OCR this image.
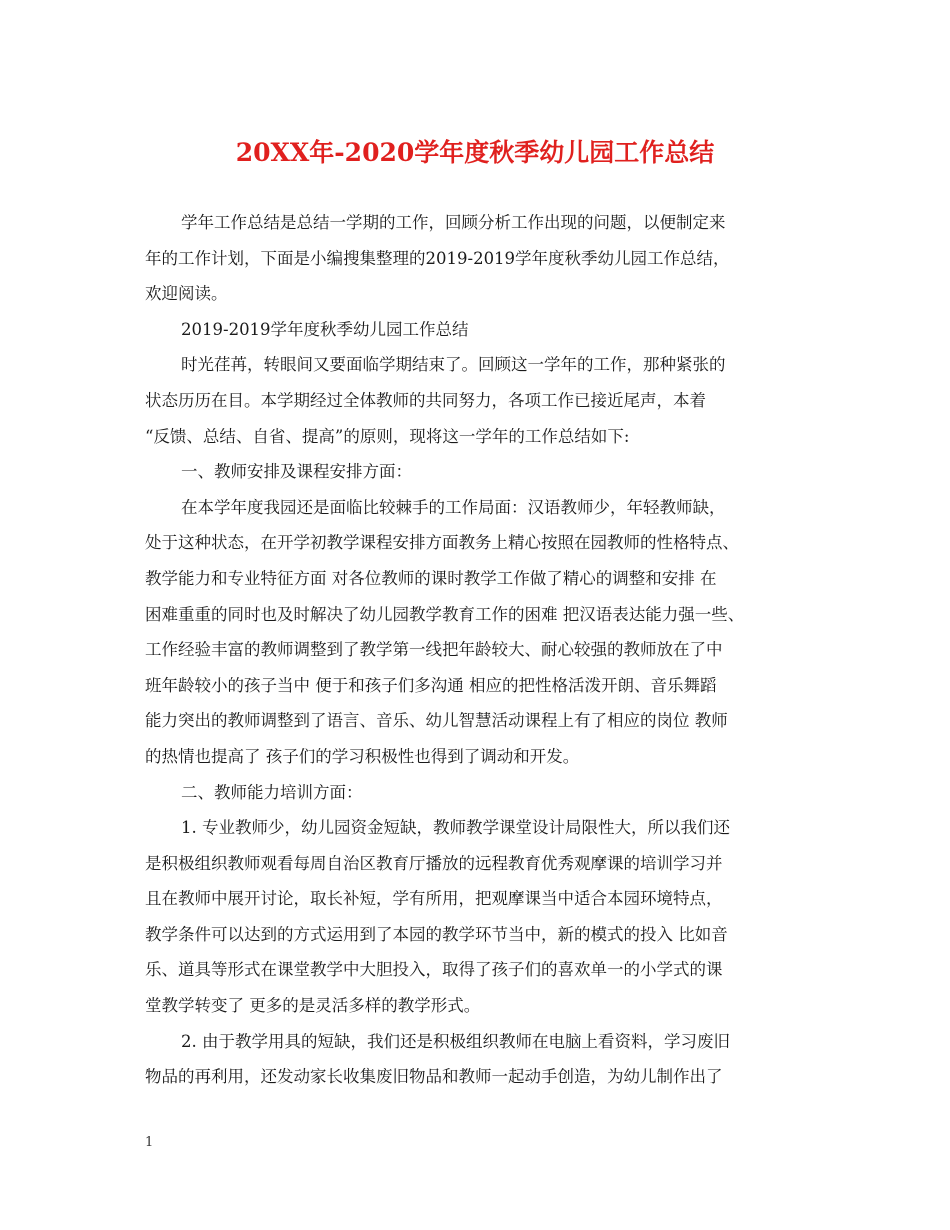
20XX年-2020学年度秋季幼儿园工作总结
学年工作总结是总结一学期的工作，回顾分析工作出现的问题，以便制定来
年的工作计划，下面是小编搜集整理的2019-2019学年度秋季幼儿园工作总结，
欢迎阅读。
2019-2019学年度秋季幼儿园工作总结
时光荏苒，转眼间又要面临学期结束了。回顾这一学年的工作，那种紧张的
状态历历在目。本学期经过全体教师的共同努力，各项工作已接近尾声，本着
“反馈、总结、自省、提高”的原则，现将这一学年的工作总结如下:
一、教师安排及课程安排方面：
在本学年度我园还是面临比较棘手的工作局面：汉语教师少，年轻教师缺，
处于这种状态，在开学初教学课程安排方面教务上精心按照在园教师的性格特点、
教学能力和专业特征方面 对各位教师的课时教学工作做了精心的调整和安排 在
困难重重的同时也及时解决了幼儿园教学教育工作的困难 把汉语表达能力强一些、
工作经验丰富的教师调整到了教学第一线把年龄较大、耐心较强的教师放在了中
班年龄较小的孩子当中 便于和孩子们多沟通 相应的把性格活泼开朗、音乐舞蹈
能力突出的教师调整到了语言、音乐、幼儿智慧活动课程上有了相应的岗位 教师
的热情也提高了 孩子们的学习积极性也得到了调动和开发。
二、教师能力培训方面：
1. 专业教师少，幼儿园资金短缺，教师教学课堂设计局限性大，所以我们还
是积极组织教师观看每周自治区教育厅播放的远程教育优秀观摩课的培训学习并
且在教师中展开讨论，取长补短，学有所用，把观摩课当中适合本园环境特点，
教学条件可以达到的方式运用到了本园的教学环节当中，新的模式的投入 比如音
乐、道具等形式在课堂教学中大胆投入，取得了孩子们的喜欢单一的小学式的课
堂教学转变了 更多的是灵活多样的教学形式。
2. 由于教学用具的短缺，我们还是积极组织教师在电脑上看资料，学习废旧
物品的再利用，还发动家长收集废旧物品和教师一起动手创造，为幼儿制作出了
1
